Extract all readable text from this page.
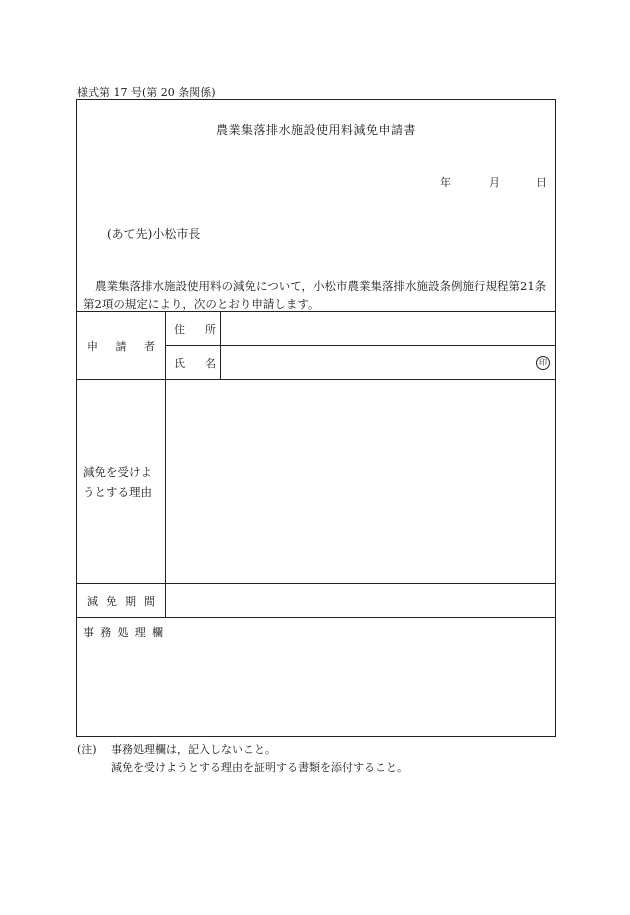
様式第 17 号(第 20 条関係)
農業集落排水施設使用料減免申請書
年	月	日
(あて先)小松市長
農業集落排水施設使用料の減免について，小松市農業集落排水施設条例施行規程第21条第2項の規定により，次のとおり申請します。
申 請 者	住 所	

	氏 名	印

減免を受けよ
うとする理由		

減 免 期 間		

事 務 処 理 欄		
(注)	事務処理欄は，記入しないこと。
減免を受けようとする理由を証明する書類を添付すること。
